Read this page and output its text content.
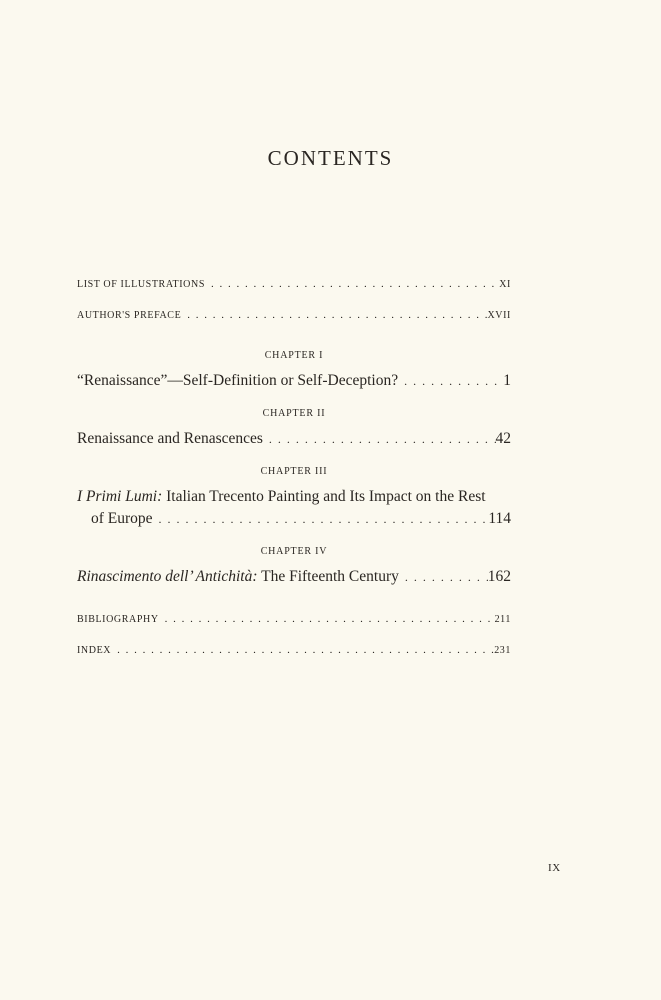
CONTENTS
LIST OF ILLUSTRATIONS . . .	XI
AUTHOR'S PREFACE . . .	XVII
CHAPTER I
“Renaissance”—Self-Definition or Self-Deception? . . .	1
CHAPTER II
Renaissance and Renascences . . .	42
CHAPTER III
I Primi Lumi: Italian Trecento Painting and Its Impact on the Rest
of Europe . . .	114
CHAPTER IV
Rinascimento dell’ Antichità: The Fifteenth Century . . .	162
BIBLIOGRAPHY . . .	211
INDEX . . .	231
IX
